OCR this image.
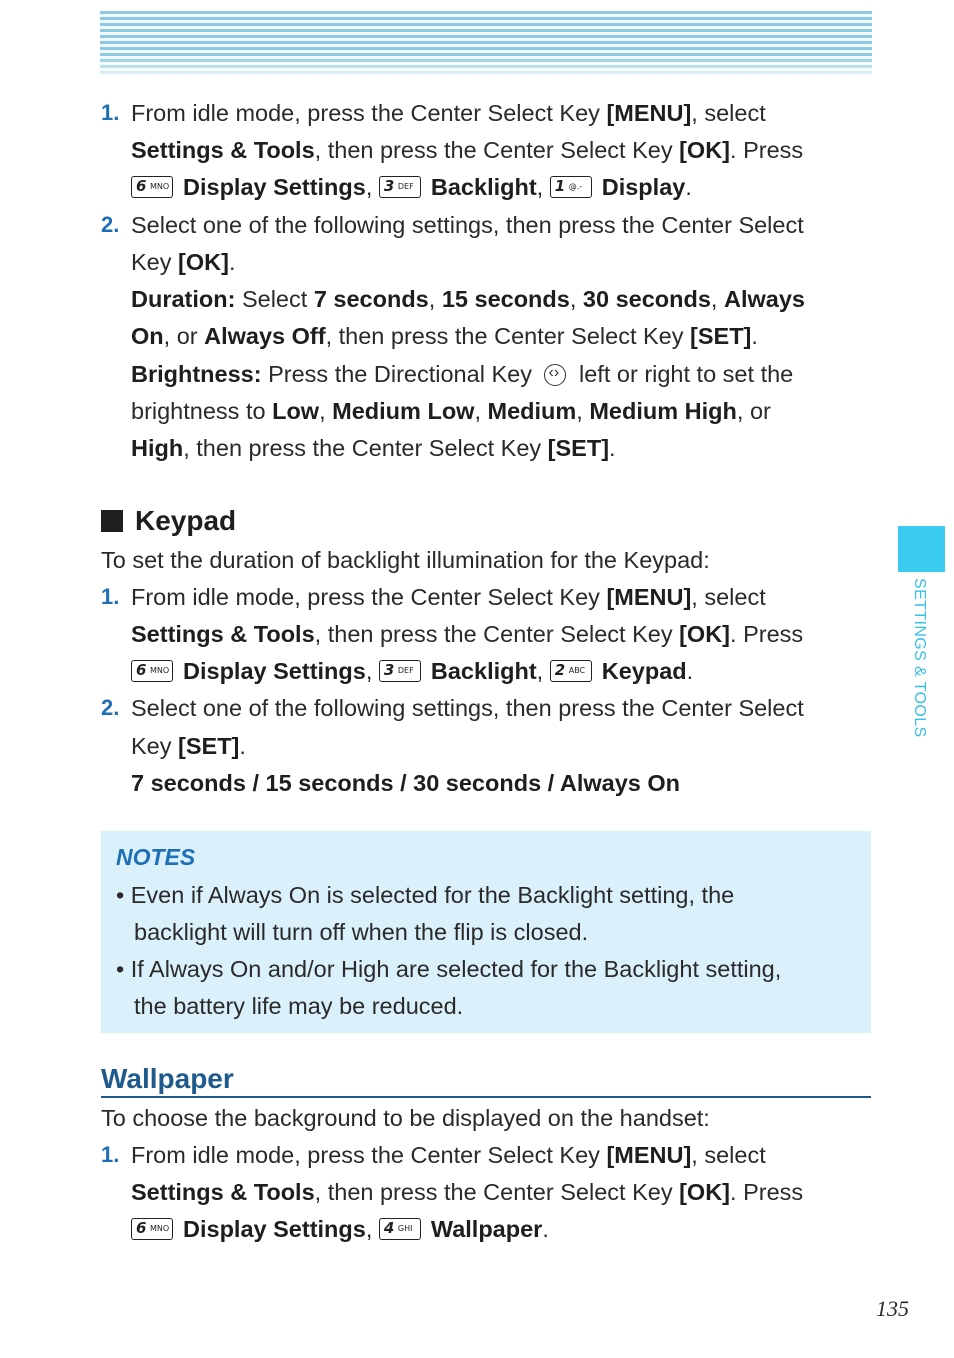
SETTINGS & TOOLS
1. From idle mode, press the Center Select Key [MENU], select
Settings & Tools, then press the Center Select Key [OK]. Press
6 MNO Display Settings, 3 DEF Backlight, 1 @.- Display.
2. Select one of the following settings, then press the Center Select
Key [OK].
Duration: Select 7 seconds, 15 seconds, 30 seconds, Always
On, or Always Off, then press the Center Select Key [SET].
Brightness: Press the Directional Key ‹› left or right to set the
brightness to Low, Medium Low, Medium, Medium High, or
High, then press the Center Select Key [SET].
Keypad
To set the duration of backlight illumination for the Keypad:
1. From idle mode, press the Center Select Key [MENU], select
Settings & Tools, then press the Center Select Key [OK]. Press
6 MNO Display Settings, 3 DEF Backlight, 2 ABC Keypad.
2. Select one of the following settings, then press the Center Select
Key [SET].
7 seconds / 15 seconds / 30 seconds / Always On
NOTES
• Even if Always On is selected for the Backlight setting, the
backlight will turn off when the flip is closed.
• If Always On and/or High are selected for the Backlight setting,
the battery life may be reduced.
Wallpaper
To choose the background to be displayed on the handset:
1. From idle mode, press the Center Select Key [MENU], select
Settings & Tools, then press the Center Select Key [OK]. Press
6 MNO Display Settings, 4 GHI Wallpaper.
135
